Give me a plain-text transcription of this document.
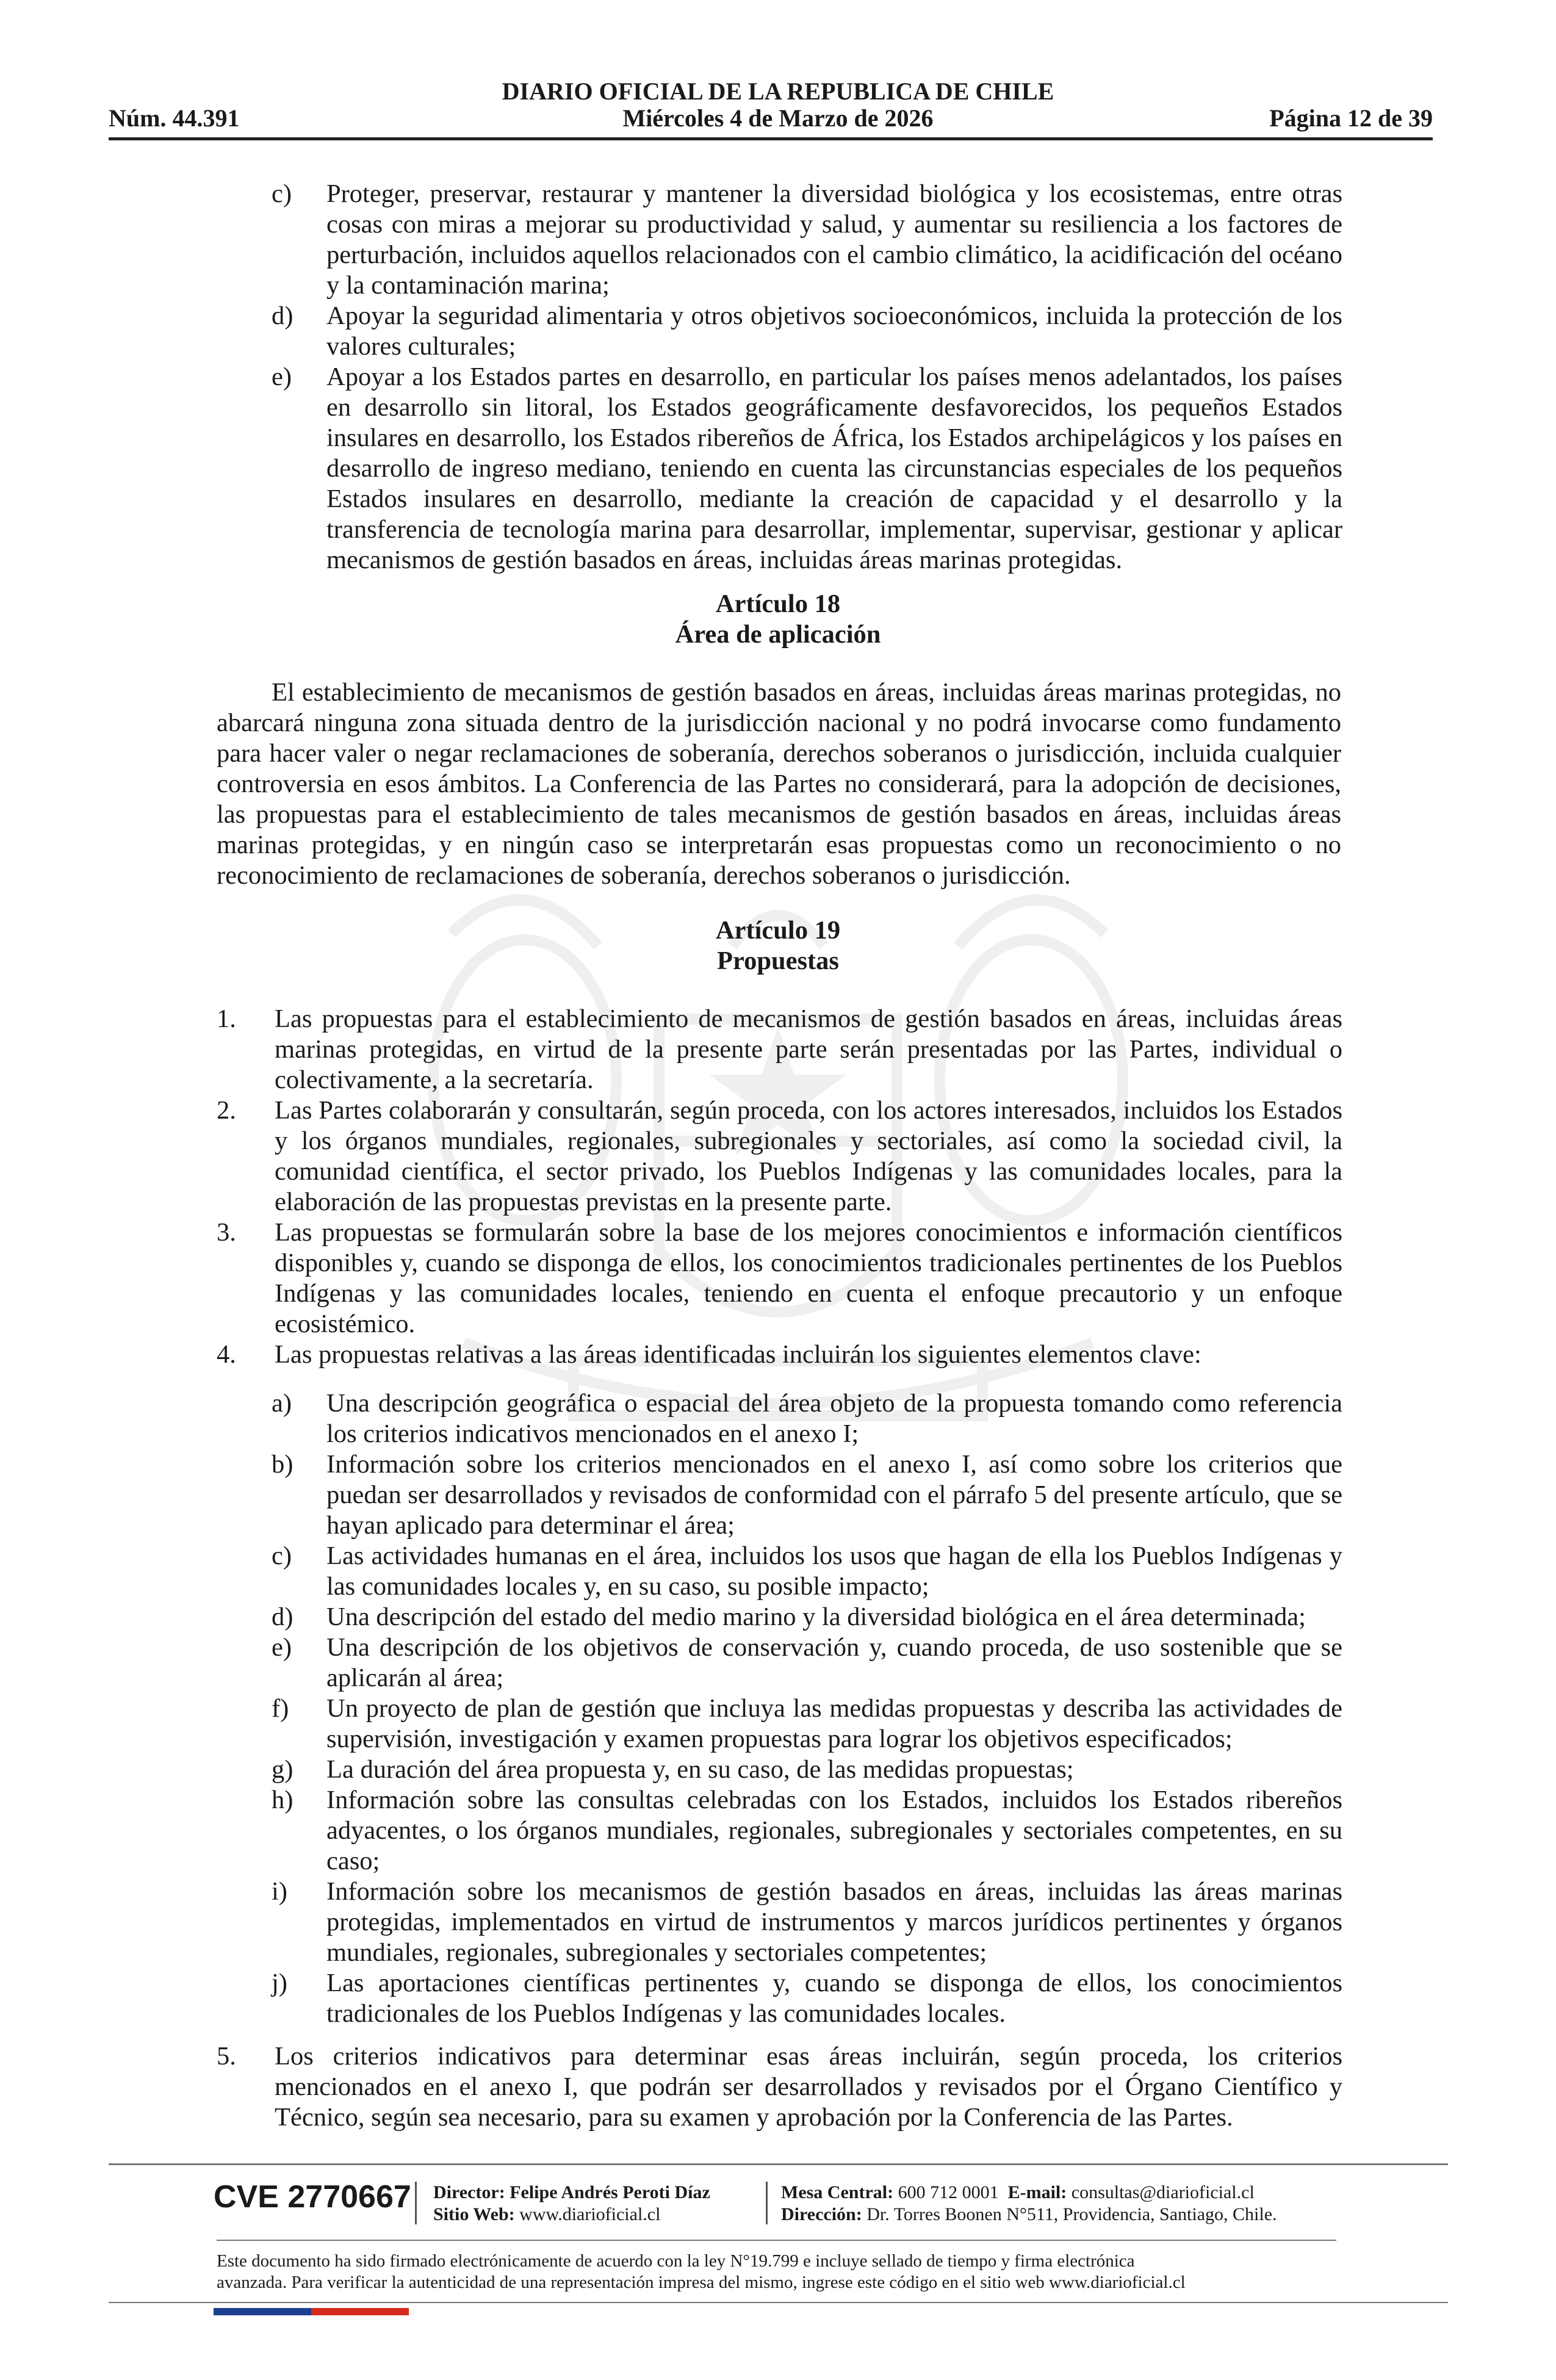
DIARIO OFICIAL DE LA REPUBLICA DE CHILE
Núm. 44.391	Miércoles 4 de Marzo de 2026	Página 12 de 39
c) Proteger, preservar, restaurar y mantener la diversidad biológica y los ecosistemas, entre otras cosas con miras a mejorar su productividad y salud, y aumentar su resiliencia a los factores de perturbación, incluidos aquellos relacionados con el cambio climático, la acidificación del océano y la contaminación marina;
d) Apoyar la seguridad alimentaria y otros objetivos socioeconómicos, incluida la protección de los valores culturales;
e) Apoyar a los Estados partes en desarrollo, en particular los países menos adelantados, los países en desarrollo sin litoral, los Estados geográficamente desfavorecidos, los pequeños Estados insulares en desarrollo, los Estados ribereños de África, los Estados archipelágicos y los países en desarrollo de ingreso mediano, teniendo en cuenta las circunstancias especiales de los pequeños Estados insulares en desarrollo, mediante la creación de capacidad y el desarrollo y la transferencia de tecnología marina para desarrollar, implementar, supervisar, gestionar y aplicar mecanismos de gestión basados en áreas, incluidas áreas marinas protegidas.
Artículo 18
Área de aplicación

El establecimiento de mecanismos de gestión basados en áreas, incluidas áreas marinas protegidas, no abarcará ninguna zona situada dentro de la jurisdicción nacional y no podrá invocarse como fundamento para hacer valer o negar reclamaciones de soberanía, derechos soberanos o jurisdicción, incluida cualquier controversia en esos ámbitos. La Conferencia de las Partes no considerará, para la adopción de decisiones, las propuestas para el establecimiento de tales mecanismos de gestión basados en áreas, incluidas áreas marinas protegidas, y en ningún caso se interpretarán esas propuestas como un reconocimiento o no reconocimiento de reclamaciones de soberanía, derechos soberanos o jurisdicción.

Artículo 19
Propuestas
1. Las propuestas para el establecimiento de mecanismos de gestión basados en áreas, incluidas áreas marinas protegidas, en virtud de la presente parte serán presentadas por las Partes, individual o colectivamente, a la secretaría.
2. Las Partes colaborarán y consultarán, según proceda, con los actores interesados, incluidos los Estados y los órganos mundiales, regionales, subregionales y sectoriales, así como la sociedad civil, la comunidad científica, el sector privado, los Pueblos Indígenas y las comunidades locales, para la elaboración de las propuestas previstas en la presente parte.
3. Las propuestas se formularán sobre la base de los mejores conocimientos e información científicos disponibles y, cuando se disponga de ellos, los conocimientos tradicionales pertinentes de los Pueblos Indígenas y las comunidades locales, teniendo en cuenta el enfoque precautorio y un enfoque ecosistémico.
4. Las propuestas relativas a las áreas identificadas incluirán los siguientes elementos clave:
a) Una descripción geográfica o espacial del área objeto de la propuesta tomando como referencia los criterios indicativos mencionados en el anexo I;
b) Información sobre los criterios mencionados en el anexo I, así como sobre los criterios que puedan ser desarrollados y revisados de conformidad con el párrafo 5 del presente artículo, que se hayan aplicado para determinar el área;
c) Las actividades humanas en el área, incluidos los usos que hagan de ella los Pueblos Indígenas y las comunidades locales y, en su caso, su posible impacto;
d) Una descripción del estado del medio marino y la diversidad biológica en el área determinada;
e) Una descripción de los objetivos de conservación y, cuando proceda, de uso sostenible que se aplicarán al área;
f) Un proyecto de plan de gestión que incluya las medidas propuestas y describa las actividades de supervisión, investigación y examen propuestas para lograr los objetivos especificados;
g) La duración del área propuesta y, en su caso, de las medidas propuestas;
h) Información sobre las consultas celebradas con los Estados, incluidos los Estados ribereños adyacentes, o los órganos mundiales, regionales, subregionales y sectoriales competentes, en su caso;
i) Información sobre los mecanismos de gestión basados en áreas, incluidas las áreas marinas protegidas, implementados en virtud de instrumentos y marcos jurídicos pertinentes y órganos mundiales, regionales, subregionales y sectoriales competentes;
j) Las aportaciones científicas pertinentes y, cuando se disponga de ellos, los conocimientos tradicionales de los Pueblos Indígenas y las comunidades locales.
5. Los criterios indicativos para determinar esas áreas incluirán, según proceda, los criterios mencionados en el anexo I, que podrán ser desarrollados y revisados por el Órgano Científico y Técnico, según sea necesario, para su examen y aprobación por la Conferencia de las Partes.
CVE 2770667 Director: Felipe Andrés Peroti Díaz
Sitio Web: www.diarioficial.cl
Mesa Central: 600 712 0001 E-mail: consultas@diarioficial.cl
Dirección: Dr. Torres Boonen N°511, Providencia, Santiago, Chile.
Este documento ha sido firmado electrónicamente de acuerdo con la ley N°19.799 e incluye sellado de tiempo y firma electrónica
avanzada. Para verificar la autenticidad de una representación impresa del mismo, ingrese este código en el sitio web www.diarioficial.cl
